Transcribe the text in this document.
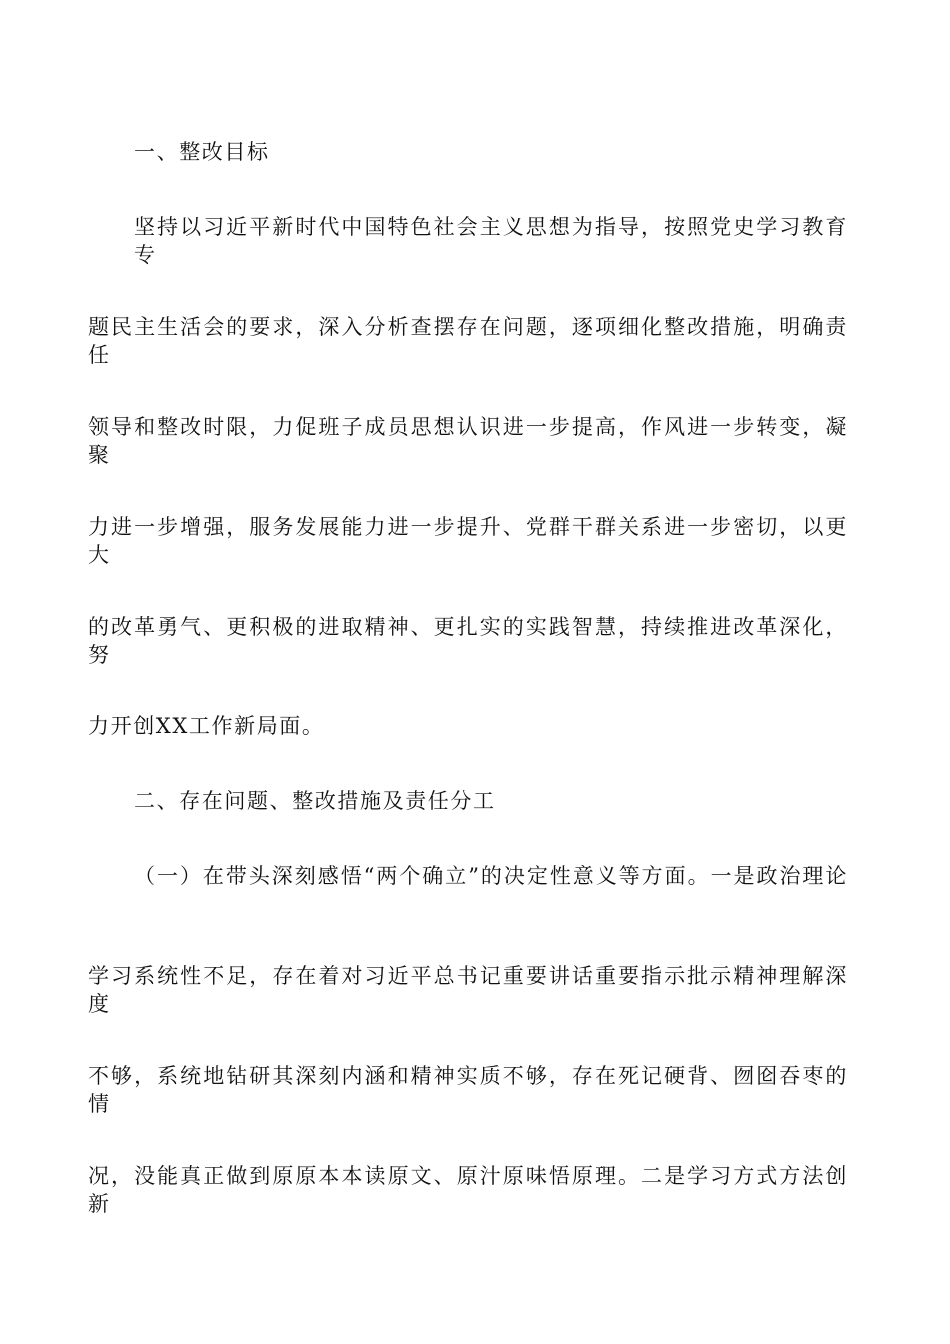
一、整改目标
坚持以习近平新时代中国特色社会主义思想为指导，按照党史学习教育专
题民主生活会的要求，深入分析查摆存在问题，逐项细化整改措施，明确责任
领导和整改时限，力促班子成员思想认识进一步提高，作风进一步转变，凝聚
力进一步增强，服务发展能力进一步提升、党群干群关系进一步密切，以更大
的改革勇气、更积极的进取精神、更扎实的实践智慧，持续推进改革深化，努
力开创XX工作新局面。
二、存在问题、整改措施及责任分工
（一）在带头深刻感悟“两个确立”的决定性意义等方面。一是政治理论
学习系统性不足，存在着对习近平总书记重要讲话重要指示批示精神理解深度
不够，系统地钻研其深刻内涵和精神实质不够，存在死记硬背、囫囵吞枣的情
况，没能真正做到原原本本读原文、原汁原味悟原理。二是学习方式方法创新
